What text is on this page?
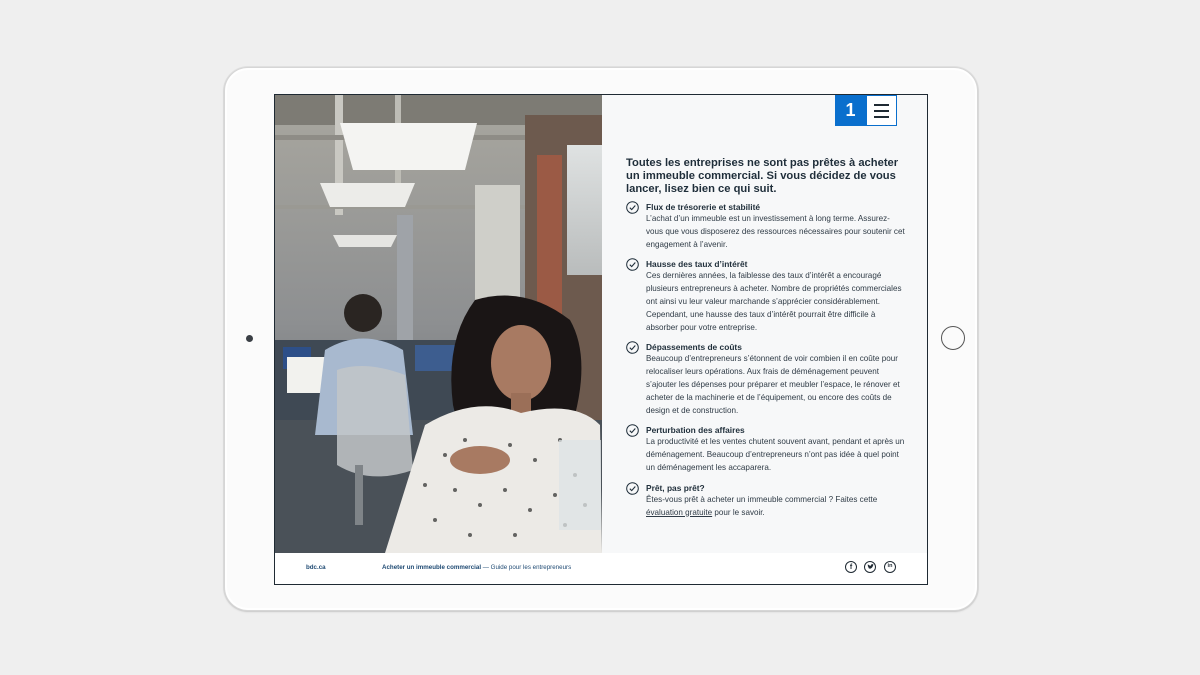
1

Toutes les entreprises ne sont pas prêtes à acheter un immeuble commercial. Si vous décidez de vous lancer, lisez bien ce qui suit.

Flux de trésorerie et stabilité
L’achat d’un immeuble est un investissement à long terme. Assurez-vous que vous disposerez des ressources nécessaires pour soutenir cet engagement à l’avenir.
Hausse des taux d’intérêt
Ces dernières années, la faiblesse des taux d’intérêt a encouragé plusieurs entrepreneurs à acheter. Nombre de propriétés commerciales ont ainsi vu leur valeur marchande s’apprécier considérablement. Cependant, une hausse des taux d’intérêt pourrait être difficile à absorber pour votre entreprise.
Dépassements de coûts
Beaucoup d’entrepreneurs s’étonnent de voir combien il en coûte pour relocaliser leurs opérations. Aux frais de déménagement peuvent s’ajouter les dépenses pour préparer et meubler l’espace, le rénover et acheter de la machinerie et de l’équipement, ou encore des coûts de design et de construction.
Perturbation des affaires
La productivité et les ventes chutent souvent avant, pendant et après un déménagement. Beaucoup d’entrepreneurs n’ont pas idée à quel point un déménagement les accaparera.
Prêt, pas prêt?
Êtes-vous prêt à acheter un immeuble commercial ? Faites cette évaluation gratuite pour le savoir.
bdc.ca	Acheter un immeuble commercial — Guide pour les entrepreneurs	f	in
